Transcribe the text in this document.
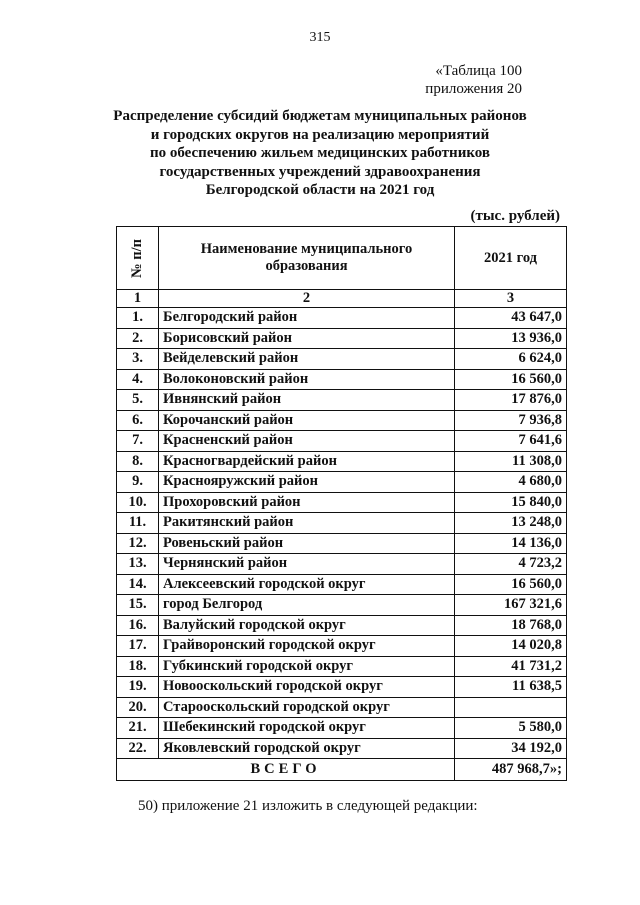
315
«Таблица 100
приложения 20
Распределение субсидий бюджетам муниципальных районов
и городских округов на реализацию мероприятий
по обеспечению жильем медицинских работников
государственных учреждений здравоохранения
Белгородской области на 2021 год
(тыс. рублей)
№ п/п	Наименование муниципального образования	2021 год
1	2	3
1.	Белгородский район	43 647,0
2.	Борисовский район	13 936,0
3.	Вейделевский район	6 624,0
4.	Волоконовский район	16 560,0
5.	Ивнянский район	17 876,0
6.	Корочанский район	7 936,8
7.	Красненский район	7 641,6
8.	Красногвардейский район	11 308,0
9.	Краснояружский район	4 680,0
10.	Прохоровский район	15 840,0
11.	Ракитянский район	13 248,0
12.	Ровеньский район	14 136,0
13.	Чернянский район	4 723,2
14.	Алексеевский городской округ	16 560,0
15.	город Белгород	167 321,6
16.	Валуйский городской округ	18 768,0
17.	Грайворонский городской округ	14 020,8
18.	Губкинский городской округ	41 731,2
19.	Новооскольский городской округ	11 638,5
20.	Старооскольский городской округ	
21.	Шебекинский городской округ	5 580,0
22.	Яковлевский городской округ	34 192,0
ВСЕГО		487 968,7»;
50) приложение 21 изложить в следующей редакции:
